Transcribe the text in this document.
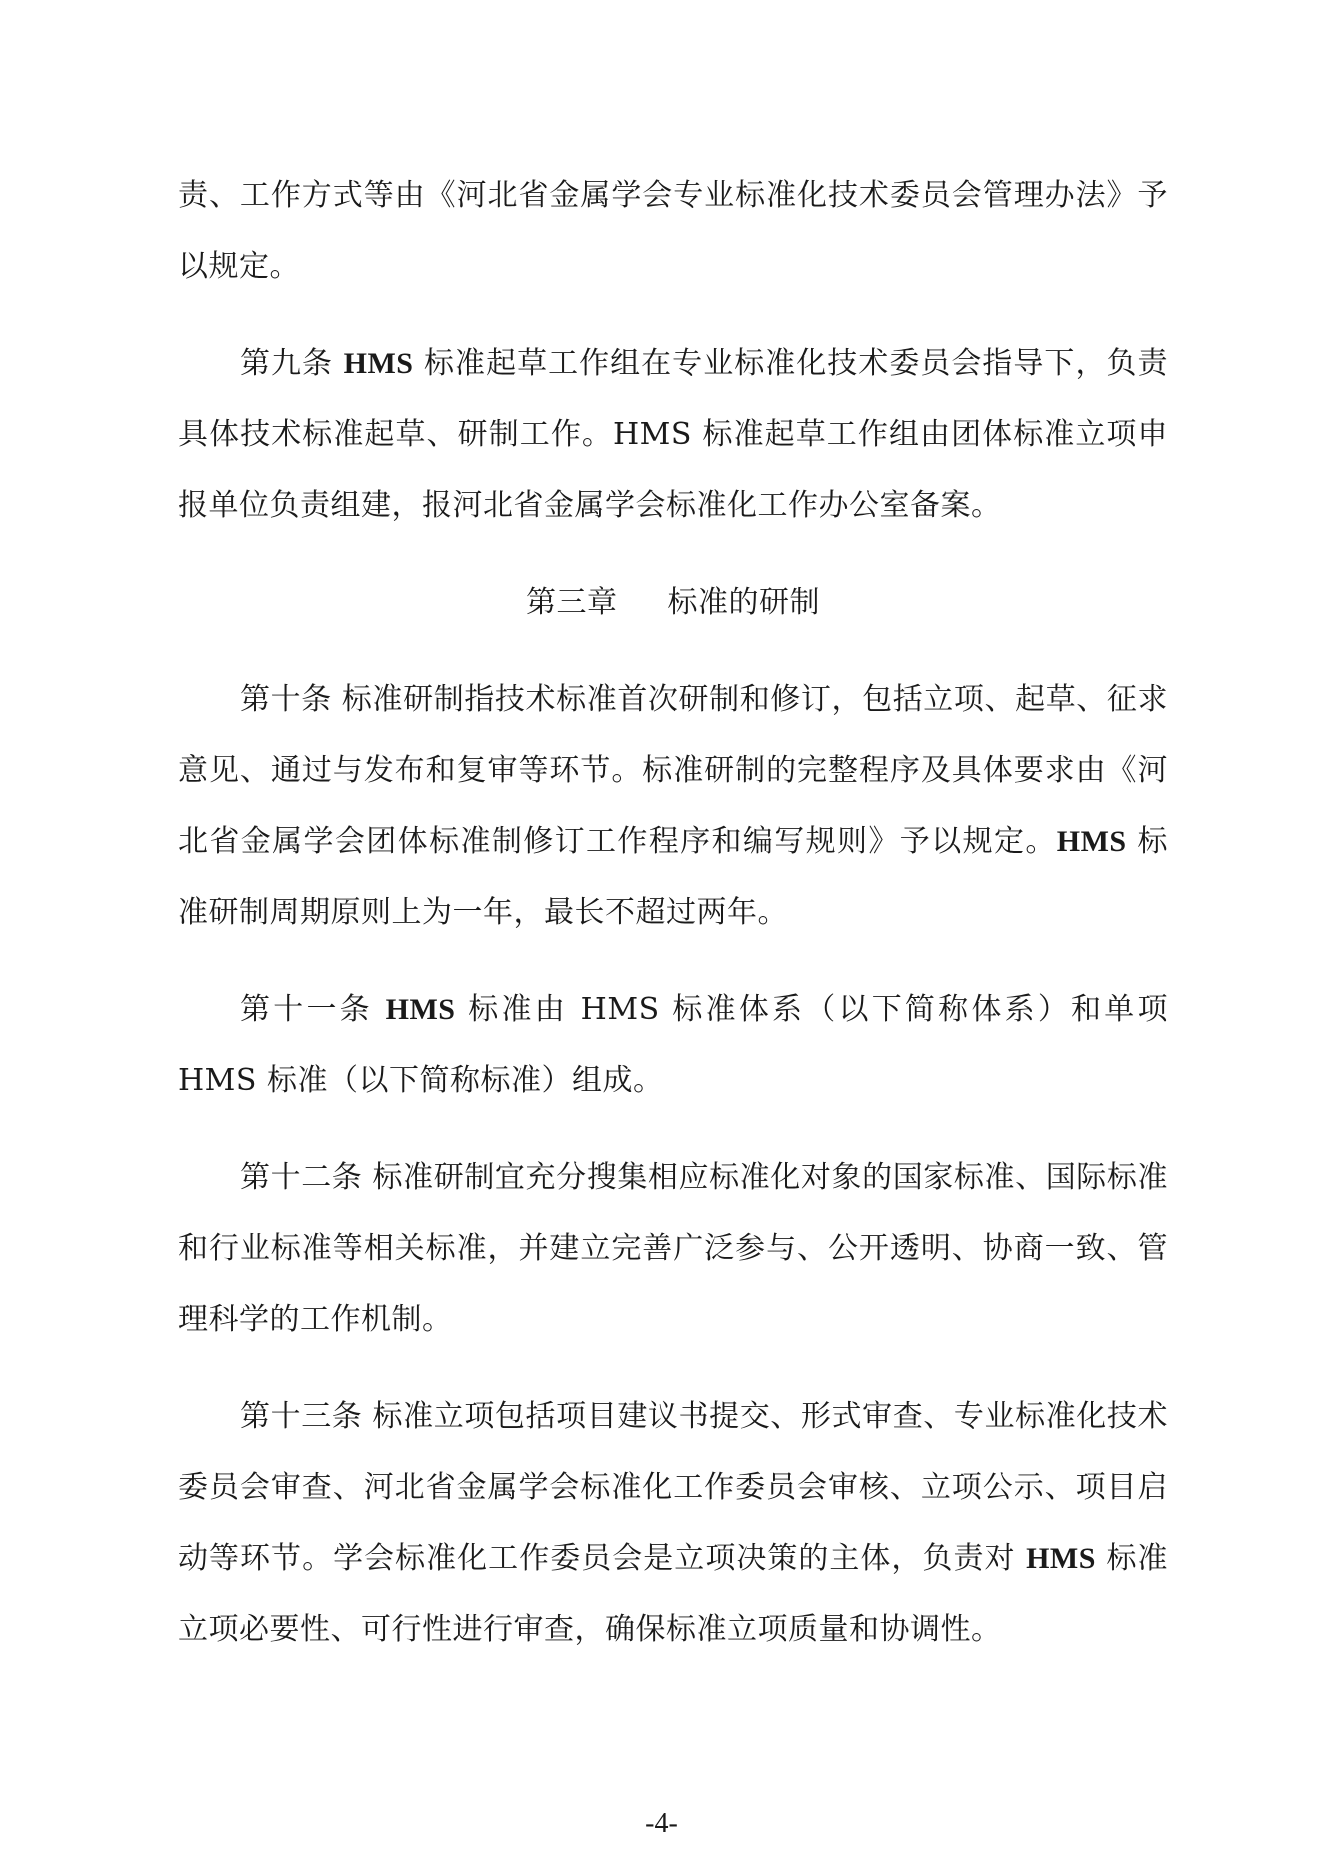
责、工作方式等由《河北省金属学会专业标准化技术委员会管理办法》予以规定。

第九条 HMS 标准起草工作组在专业标准化技术委员会指导下，负责具体技术标准起草、研制工作。HMS 标准起草工作组由团体标准立项申报单位负责组建，报河北省金属学会标准化工作办公室备案。

第三章 标准的研制

第十条 标准研制指技术标准首次研制和修订，包括立项、起草、征求意见、通过与发布和复审等环节。标准研制的完整程序及具体要求由《河北省金属学会团体标准制修订工作程序和编写规则》予以规定。HMS 标准研制周期原则上为一年，最长不超过两年。

第十一条 HMS 标准由 HMS 标准体系（以下简称体系）和单项 HMS 标准（以下简称标准）组成。

第十二条 标准研制宜充分搜集相应标准化对象的国家标准、国际标准和行业标准等相关标准，并建立完善广泛参与、公开透明、协商一致、管理科学的工作机制。

第十三条 标准立项包括项目建议书提交、形式审查、专业标准化技术委员会审查、河北省金属学会标准化工作委员会审核、立项公示、项目启动等环节。学会标准化工作委员会是立项决策的主体，负责对 HMS 标准立项必要性、可行性进行审查，确保标准立项质量和协调性。

-4-
